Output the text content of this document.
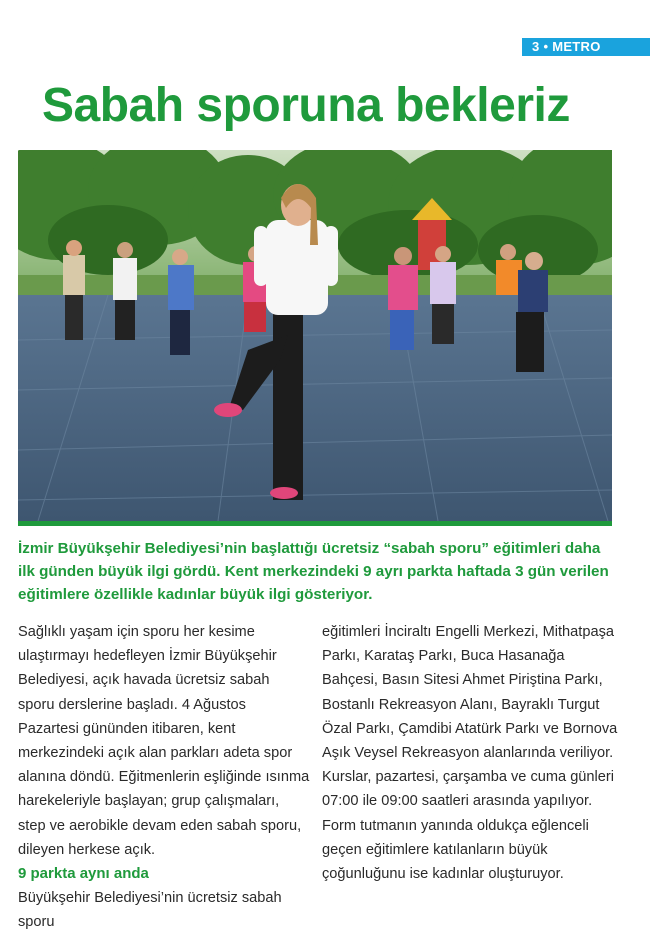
3 • METRO
Sabah sporuna bekleriz

İzmir Büyükşehir Belediyesi’nin başlattığı ücretsiz “sabah sporu” eğitimleri daha ilk günden büyük ilgi gördü. Kent merkezindeki 9 ayrı parkta haftada 3 gün verilen eğitimlere özellikle kadınlar büyük ilgi gösteriyor.

Sağlıklı yaşam için sporu her kesime ulaştırmayı hedefleyen İzmir Büyükşehir Belediyesi, açık havada ücretsiz sabah sporu derslerine başladı. 4 Ağustos Pazartesi gününden itibaren, kent merkezindeki açık alan parkları adeta spor alanına döndü. Eğitmenlerin eşliğinde ısınma harekeleriyle başlayan; grup çalışmaları, step ve aerobikle devam eden sabah sporu, dileyen herkese açık.

9 parkta aynı anda

Büyükşehir Belediyesi’nin ücretsiz sabah sporu

eğitimleri İnciraltı Engelli Merkezi, Mithatpaşa Parkı, Karataş Parkı, Buca Hasanağa Bahçesi, Basın Sitesi Ahmet Piriştina Parkı, Bostanlı Rekreasyon Alanı, Bayraklı Turgut Özal Parkı, Çamdibi Atatürk Parkı ve Bornova Aşık Veysel Rekreasyon alanlarında veriliyor. Kurslar, pazartesi, çarşamba ve cuma günleri 07:00 ile 09:00 saatleri arasında yapılıyor. Form tutmanın yanında oldukça eğlenceli geçen eğitimlere katılanların büyük çoğunluğunu ise kadınlar oluşturuyor.
